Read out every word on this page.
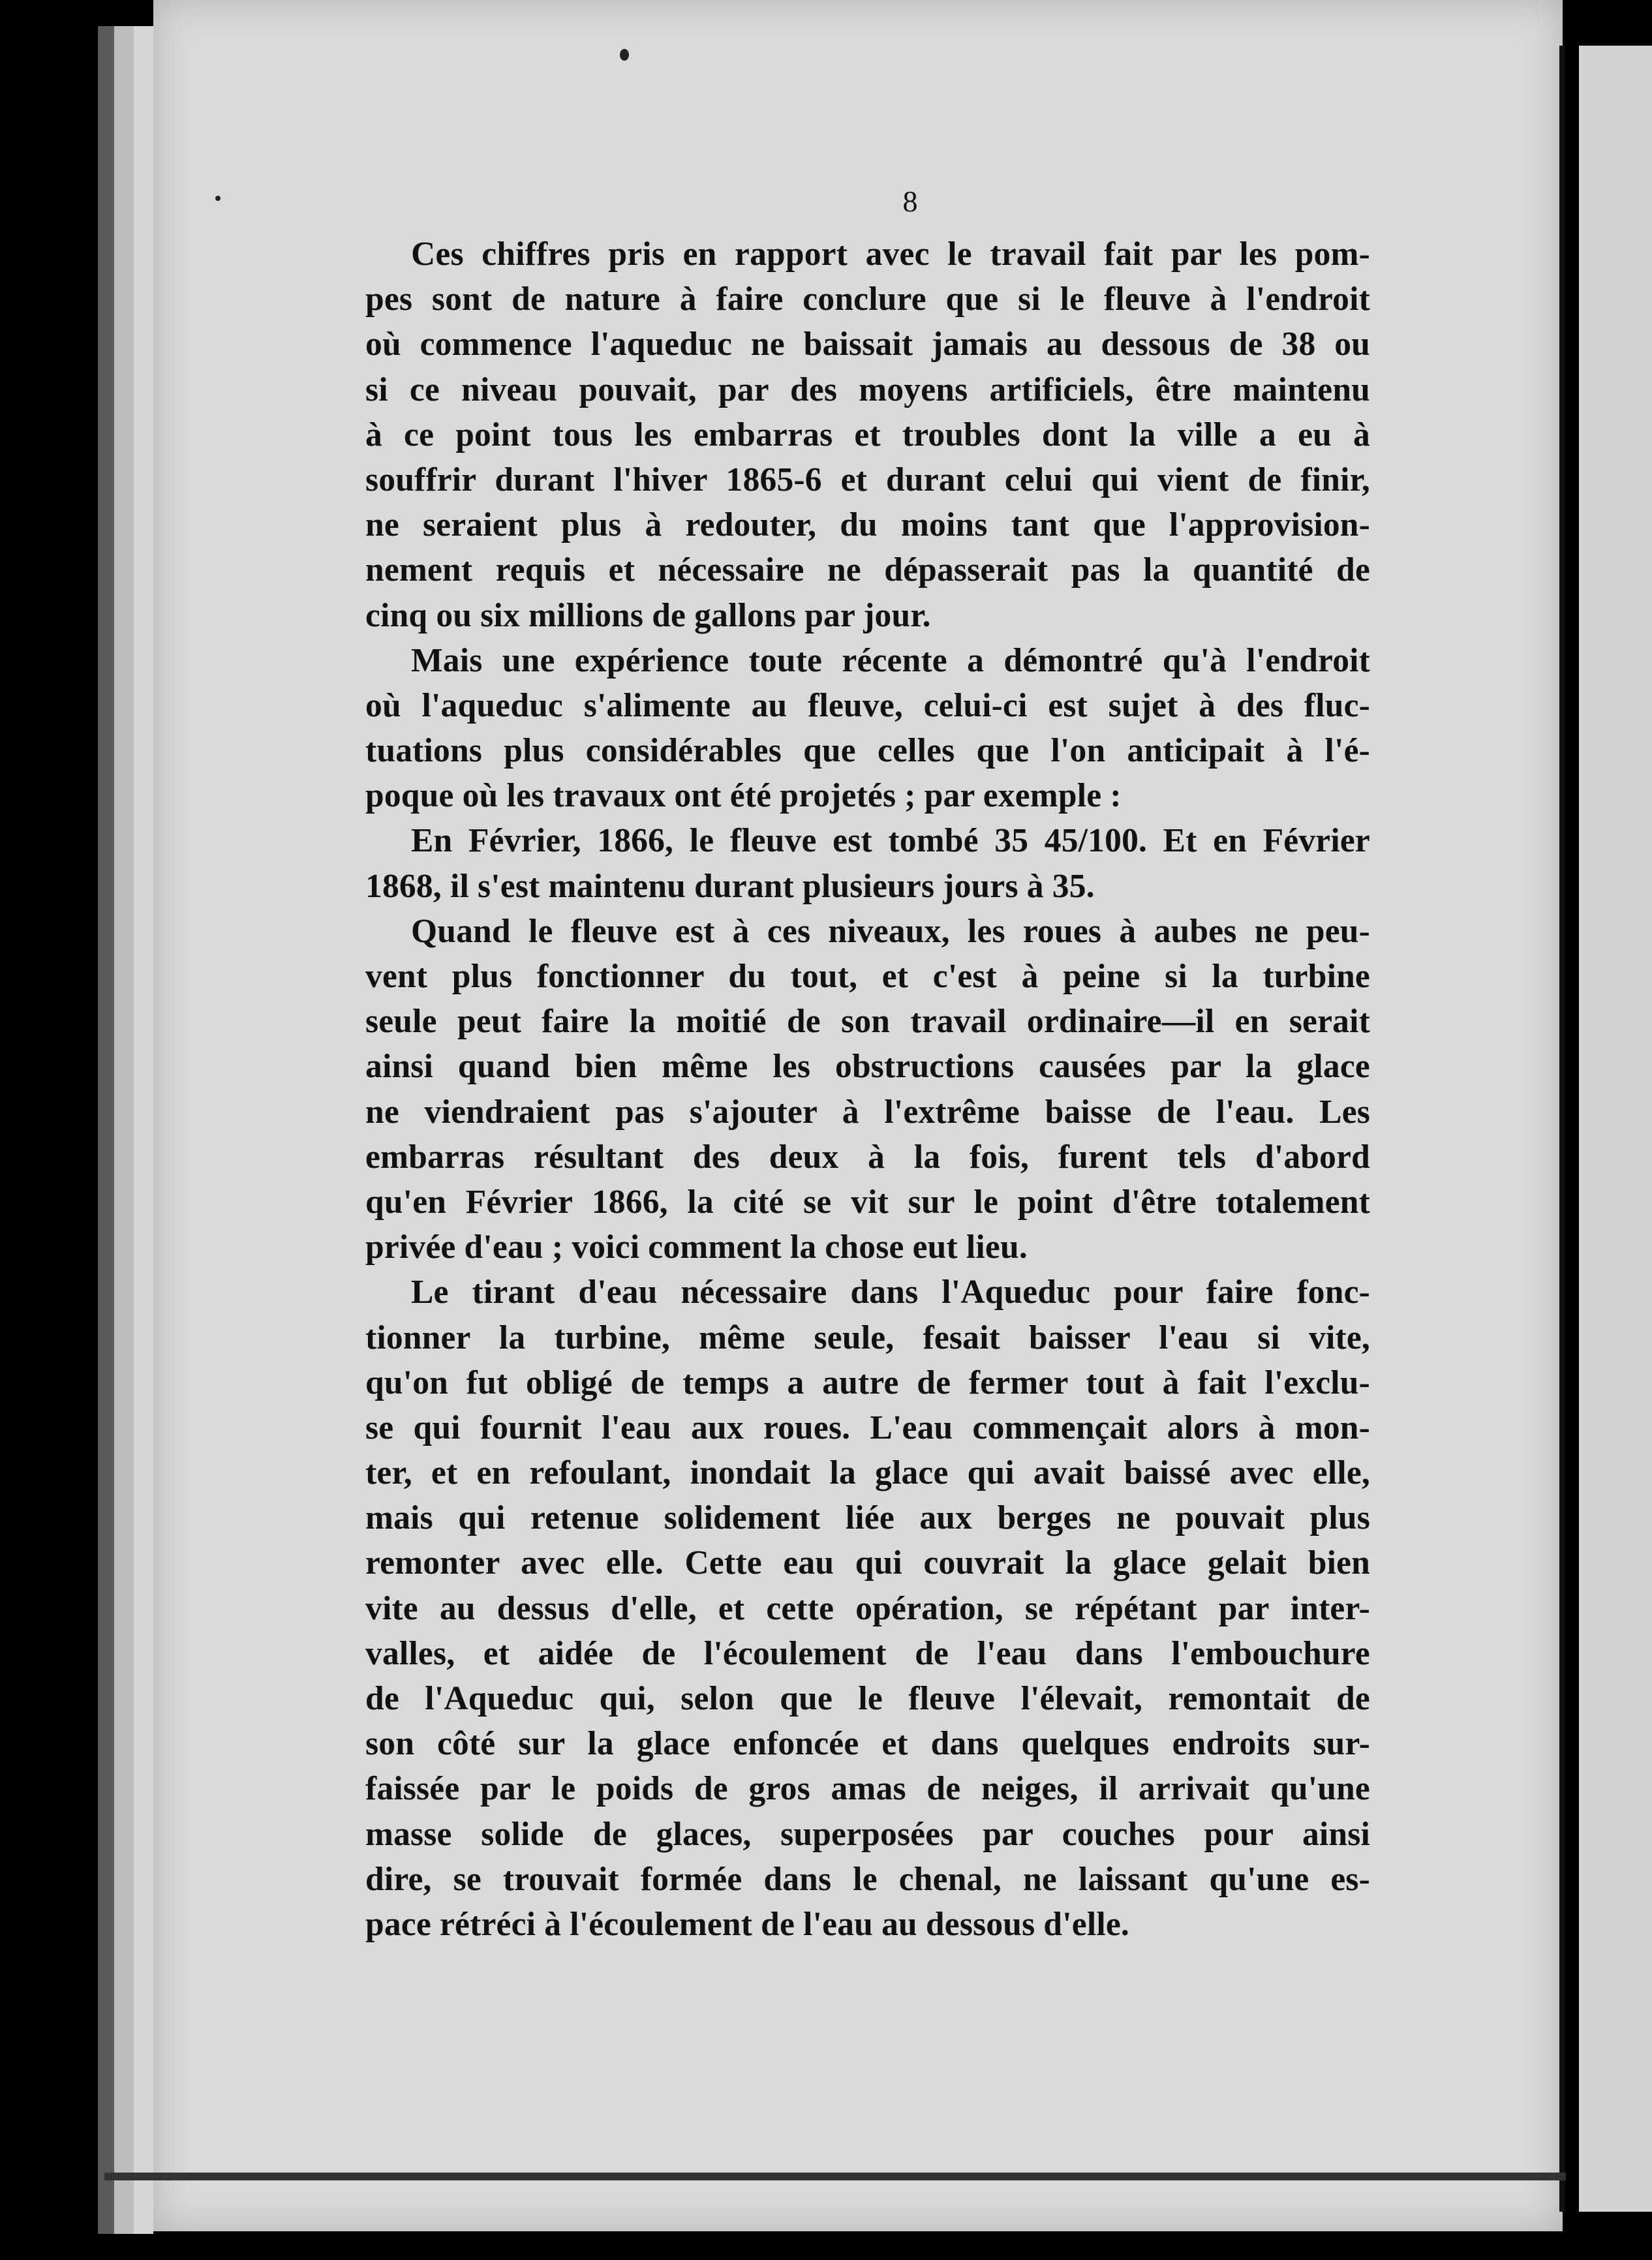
8
Ces chiffres pris en rapport avec le travail fait par les pom-
pes sont de nature à faire conclure que si le fleuve à l'endroit
où commence l'aqueduc ne baissait jamais au dessous de 38 ou
si ce niveau pouvait, par des moyens artificiels, être maintenu
à ce point tous les embarras et troubles dont la ville a eu à
souffrir durant l'hiver 1865-6 et durant celui qui vient de finir,
ne seraient plus à redouter, du moins tant que l'approvision-
nement requis et nécessaire ne dépasserait pas la quantité de
cinq ou six millions de gallons par jour.
Mais une expérience toute récente a démontré qu'à l'endroit
où l'aqueduc s'alimente au fleuve, celui-ci est sujet à des fluc-
tuations plus considérables que celles que l'on anticipait à l'é-
poque où les travaux ont été projetés ; par exemple :
En Février, 1866, le fleuve est tombé 35 45/100. Et en Février
1868, il s'est maintenu durant plusieurs jours à 35.
Quand le fleuve est à ces niveaux, les roues à aubes ne peu-
vent plus fonctionner du tout, et c'est à peine si la turbine
seule peut faire la moitié de son travail ordinaire—il en serait
ainsi quand bien même les obstructions causées par la glace
ne viendraient pas s'ajouter à l'extrême baisse de l'eau. Les
embarras résultant des deux à la fois, furent tels d'abord
qu'en Février 1866, la cité se vit sur le point d'être totalement
privée d'eau ; voici comment la chose eut lieu.
Le tirant d'eau nécessaire dans l'Aqueduc pour faire fonc-
tionner la turbine, même seule, fesait baisser l'eau si vite,
qu'on fut obligé de temps a autre de fermer tout à fait l'exclu-
se qui fournit l'eau aux roues. L'eau commençait alors à mon-
ter, et en refoulant, inondait la glace qui avait baissé avec elle,
mais qui retenue solidement liée aux berges ne pouvait plus
remonter avec elle. Cette eau qui couvrait la glace gelait bien
vite au dessus d'elle, et cette opération, se répétant par inter-
valles, et aidée de l'écoulement de l'eau dans l'embouchure
de l'Aqueduc qui, selon que le fleuve l'élevait, remontait de
son côté sur la glace enfoncée et dans quelques endroits sur-
faissée par le poids de gros amas de neiges, il arrivait qu'une
masse solide de glaces, superposées par couches pour ainsi
dire, se trouvait formée dans le chenal, ne laissant qu'une es-
pace rétréci à l'écoulement de l'eau au dessous d'elle.
